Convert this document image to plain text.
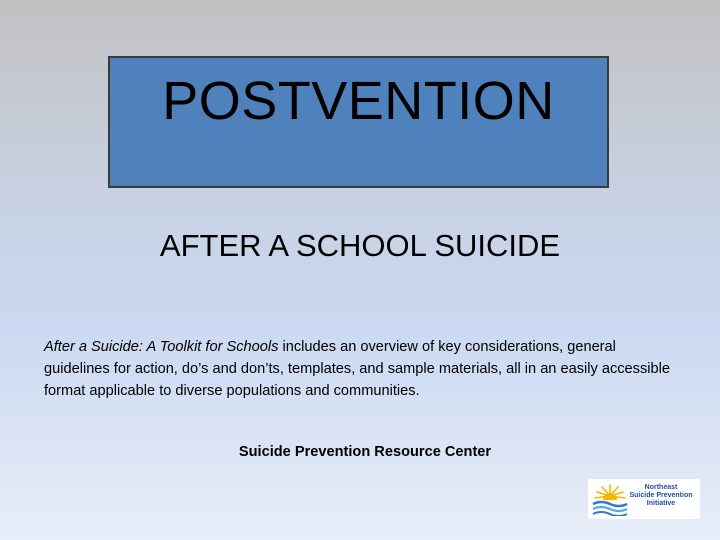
POSTVENTION
AFTER A SCHOOL SUICIDE
After a Suicide: A Toolkit for Schools includes an overview of key considerations, general guidelines for action, do’s and don’ts, templates, and sample materials, all in an easily accessible format applicable to diverse populations and communities.
Suicide Prevention Resource Center
Northeast
Suicide Prevention
Initiative
